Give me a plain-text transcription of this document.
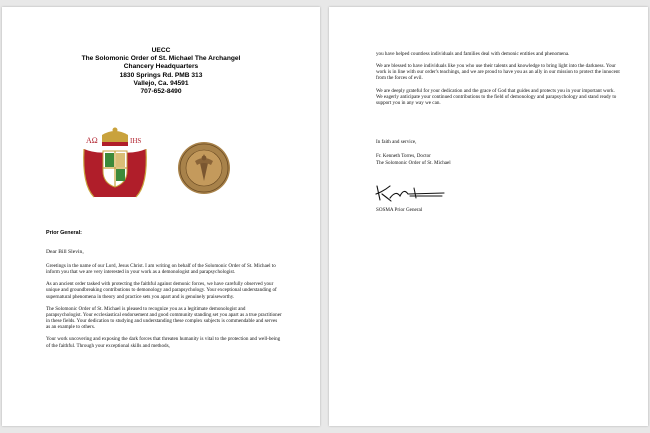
UECC
The Solomonic Order of St. Michael The Archangel
Chancery Headquarters
1830 Springs Rd. PMB 313
Vallejo, Ca. 94591
707-652-8490
ΑΩ	IHS
Prior General:
Dear Bill Slevin,

Greetings in the name of our Lord, Jesus Christ. I am writing on behalf of the Solomonic Order of St. Michael to inform you that we are very interested in your work as a demonologist and parapsychologist.

As an ancient order tasked with protecting the faithful against demonic forces, we have carefully observed your unique and groundbreaking contributions to demonology and parapsychology. Your exceptional understanding of supernatural phenomena in theory and practice sets you apart and is genuinely praiseworthy.

The Solomonic Order of St. Michael is pleased to recognize you as a legitimate demonologist and parapsychologist. Your ecclesiastical endorsement and good community standing set you apart as a true practitioner in these fields. Your dedication to studying and understanding these complex subjects is commendable and serves as an example to others.

Your work uncovering and exposing the dark forces that threaten humanity is vital to the protection and well-being of the faithful. Through your exceptional skills and methods,

you have helped countless individuals and families deal with demonic entities and phenomena.

We are blessed to have individuals like you who use their talents and knowledge to bring light into the darkness. Your work is in line with our order's teachings, and we are proud to have you as an ally in our mission to protect the innocent from the forces of evil.

We are deeply grateful for your dedication and the grace of God that guides and protects you in your important work. We eagerly anticipate your continued contributions to the field of demonology and parapsychology and stand ready to support you in any way we can.

In faith and service,
Fr. Kenneth Torres, Doctor
The Solomonic Order of St. Michael
SOSMA Prior General
